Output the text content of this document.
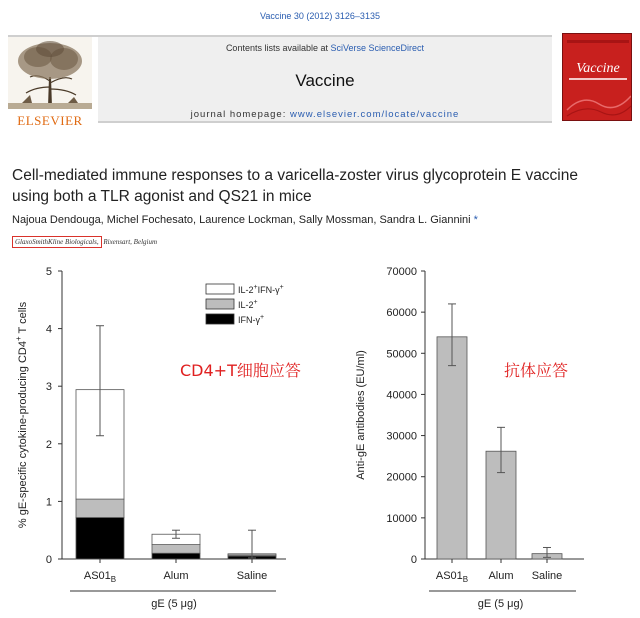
Vaccine 30 (2012) 3126–3135
ELSEVIER
Contents lists available at SciVerse ScienceDirect
Vaccine
journal homepage: www.elsevier.com/locate/vaccine
Vaccine
Cell-mediated immune responses to a varicella-zoster virus glycoprotein E vaccine using both a TLR agonist and QS21 in mice
Najoua Dendouga, Michel Fochesato, Laurence Lockman, Sally Mossman, Sandra L. Giannini *
GlaxoSmithKline Biologicals, Rixensart, Belgium
0
1
2
3
4
5
$AS01_B$	Alum	Saline
gE (5 μg)
% gE-specific cytokine-producing CD4+ T cells
IL-2+IFN-γ+
IL-2+
IFN-γ+
CD4+T细胞应答
0
10000
20000
30000
40000
50000
60000
70000
$AS01_B$ Alum Saline
gE (5 μg)
Anti-gE antibodies (EU/ml)	抗体应答
